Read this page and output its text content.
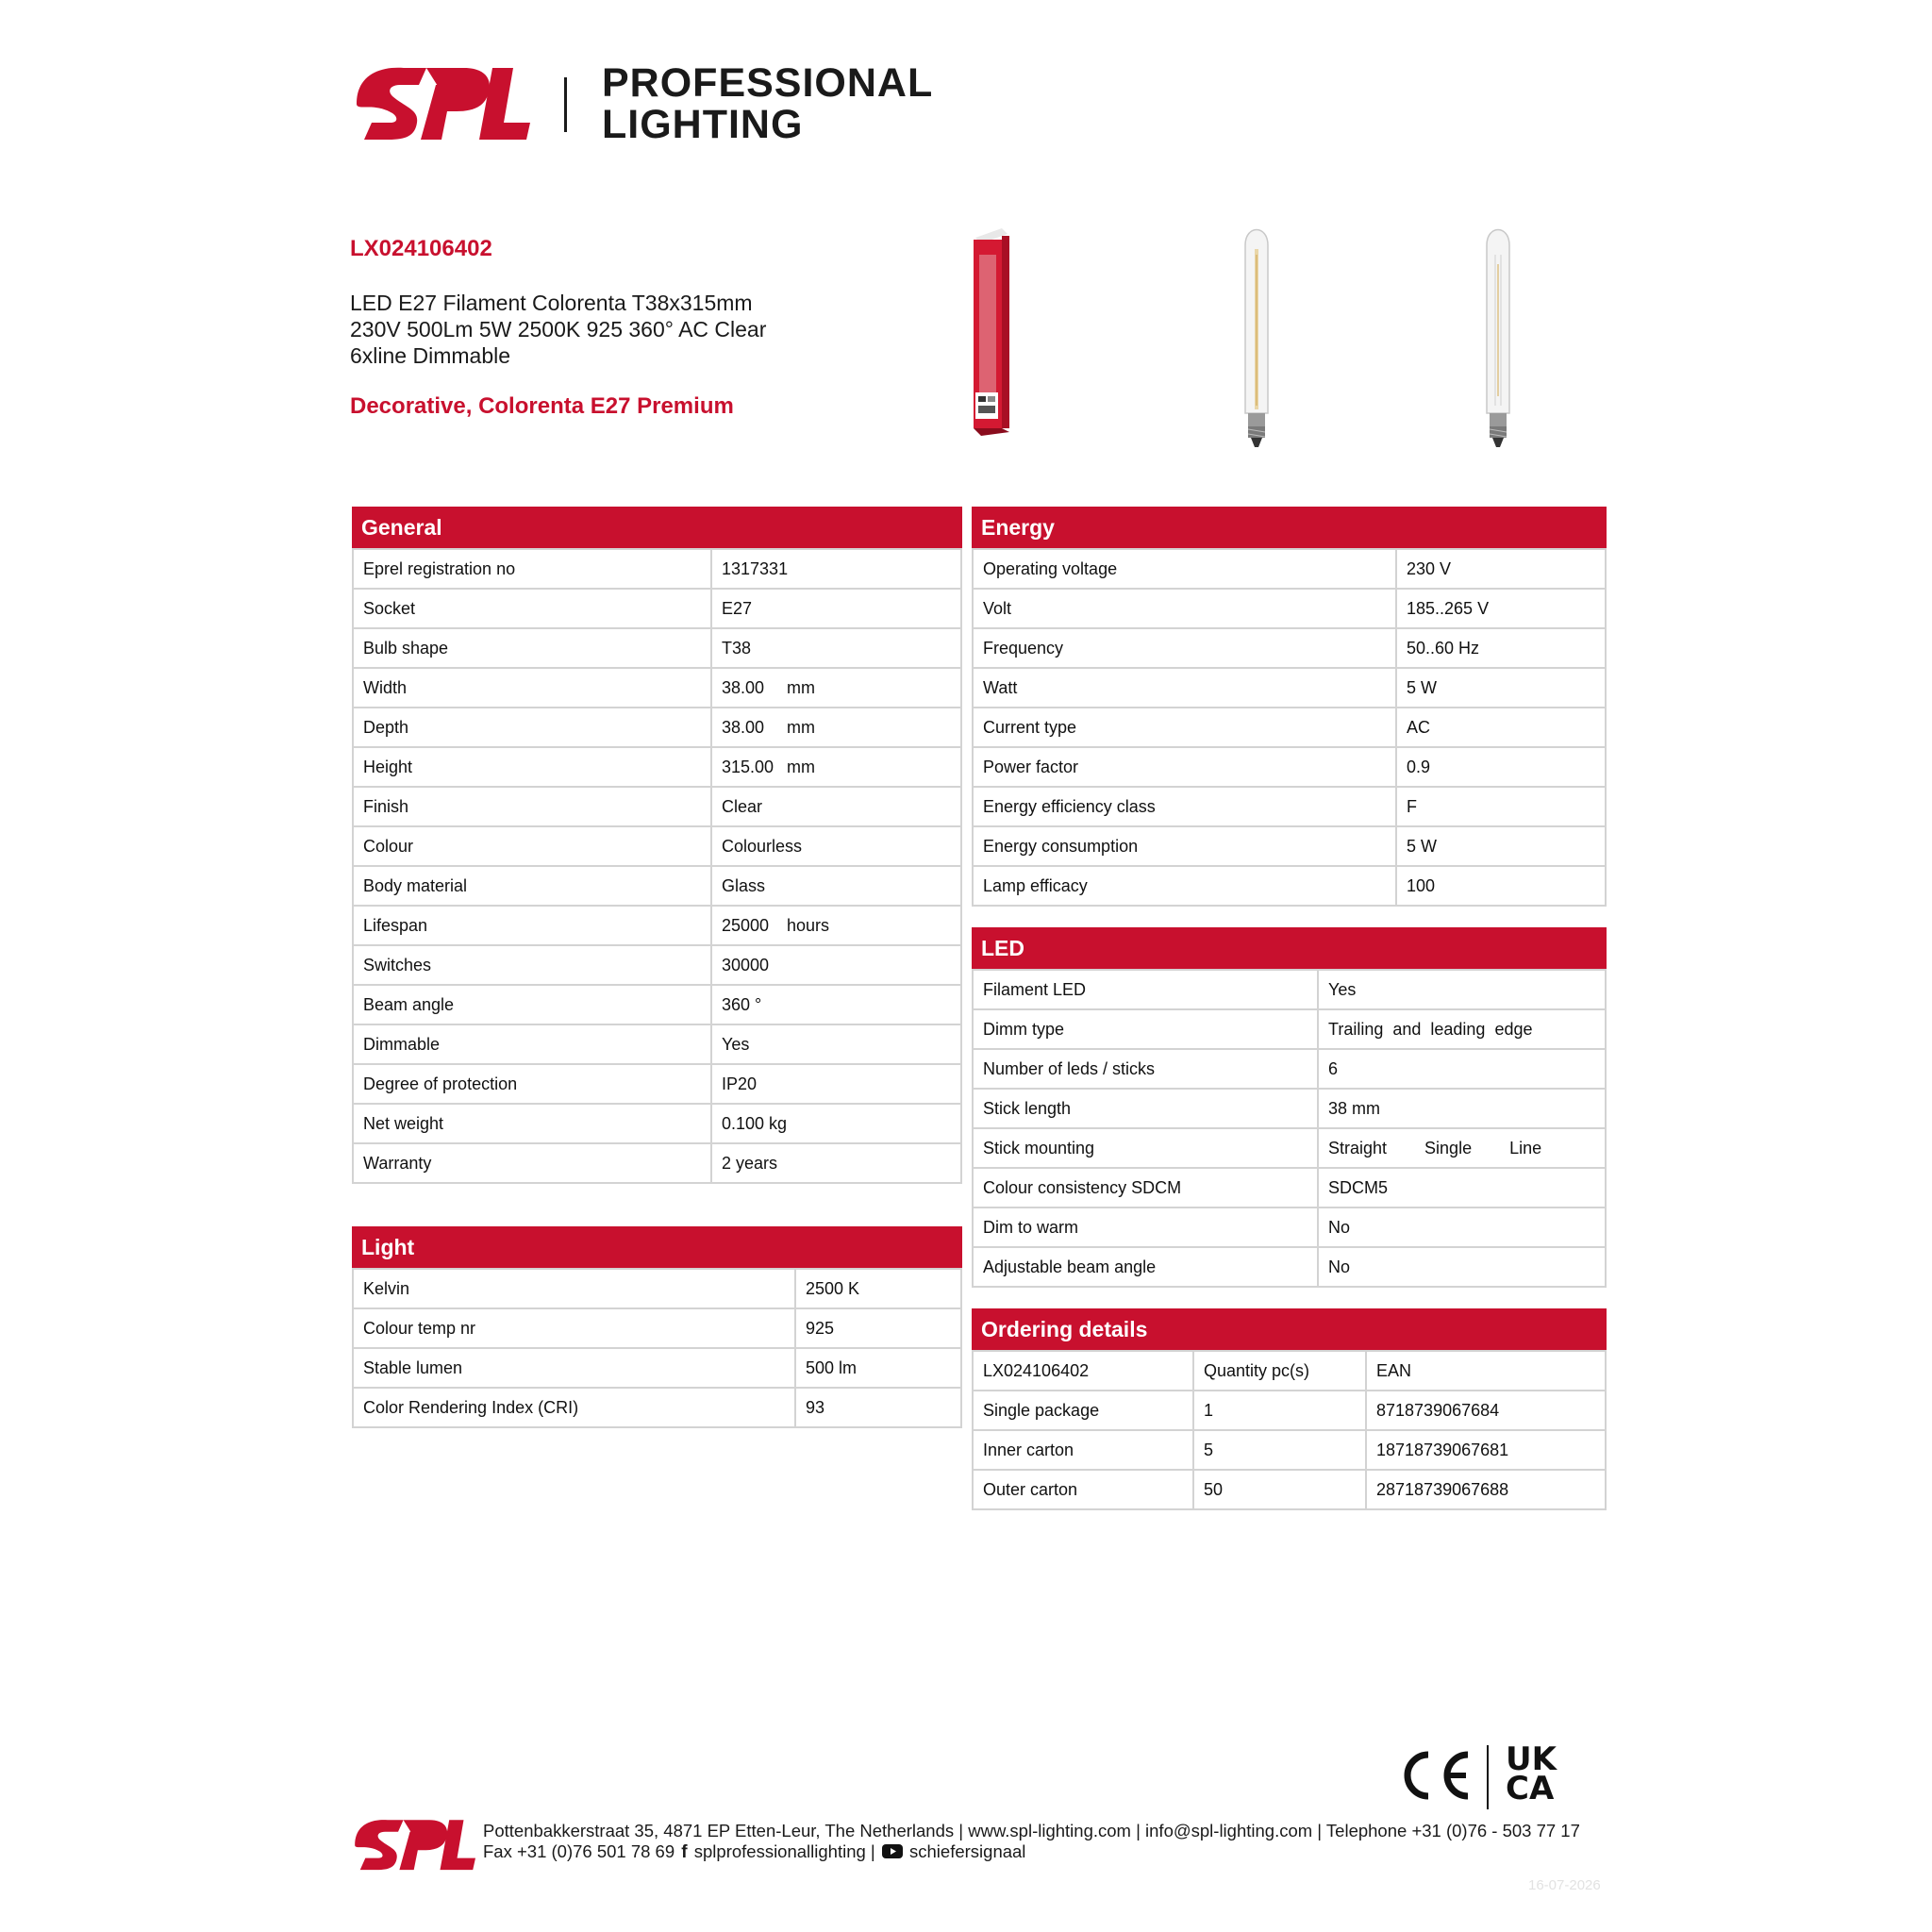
PROFESSIONAL
LIGHTING
LX024106402
LED E27 Filament Colorenta T38x315mm
230V 500Lm 5W 2500K 925 360° AC Clear
6xline Dimmable
Decorative, Colorenta E27 Premium
General
Eprel registration no	1317331	
Socket	E27	
Bulb shape	T38	
Width	38.00	mm
Depth	38.00	mm
Height	315.00	mm
Finish	Clear	
Colour	Colourless	
Body material	Glass	
Lifespan	25000	hours
Switches	30000	
Beam angle	360 °	
Dimmable	Yes	
Degree of protection	IP20	
Net weight	0.100 kg	
Warranty	2 years	
Light
Kelvin	2500 K
Colour temp nr	925
Stable lumen	500 lm
Color Rendering Index (CRI)	93
Energy
Operating voltage	230 V
Volt	185..265 V
Frequency	50..60 Hz
Watt	5 W
Current type	AC
Power factor	0.9
Energy efficiency class	F
Energy consumption	5 W
Lamp efficacy	100
LED
Filament LED	Yes
Dimm type	Trailing  and  leading  edge
Number of leds / sticks	6
Stick length	38 mm
Stick mounting	Straight        Single        Line
Colour consistency SDCM	SDCM5
Dim to warm	No
Adjustable beam angle	No
Ordering details
LX024106402	Quantity pc(s)	EAN
Single package	1	8718739067684
Inner carton	5	18718739067681
Outer carton	50	28718739067688
UK
CA
Pottenbakkerstraat 35, 4871 EP Etten-Leur, The Netherlands | www.spl-lighting.com | info@spl-lighting.com | Telephone +31 (0)76 - 503 77 17
Fax +31 (0)76 501 78 69 f splprofessionallighting | schiefersignaal
16-07-2026
